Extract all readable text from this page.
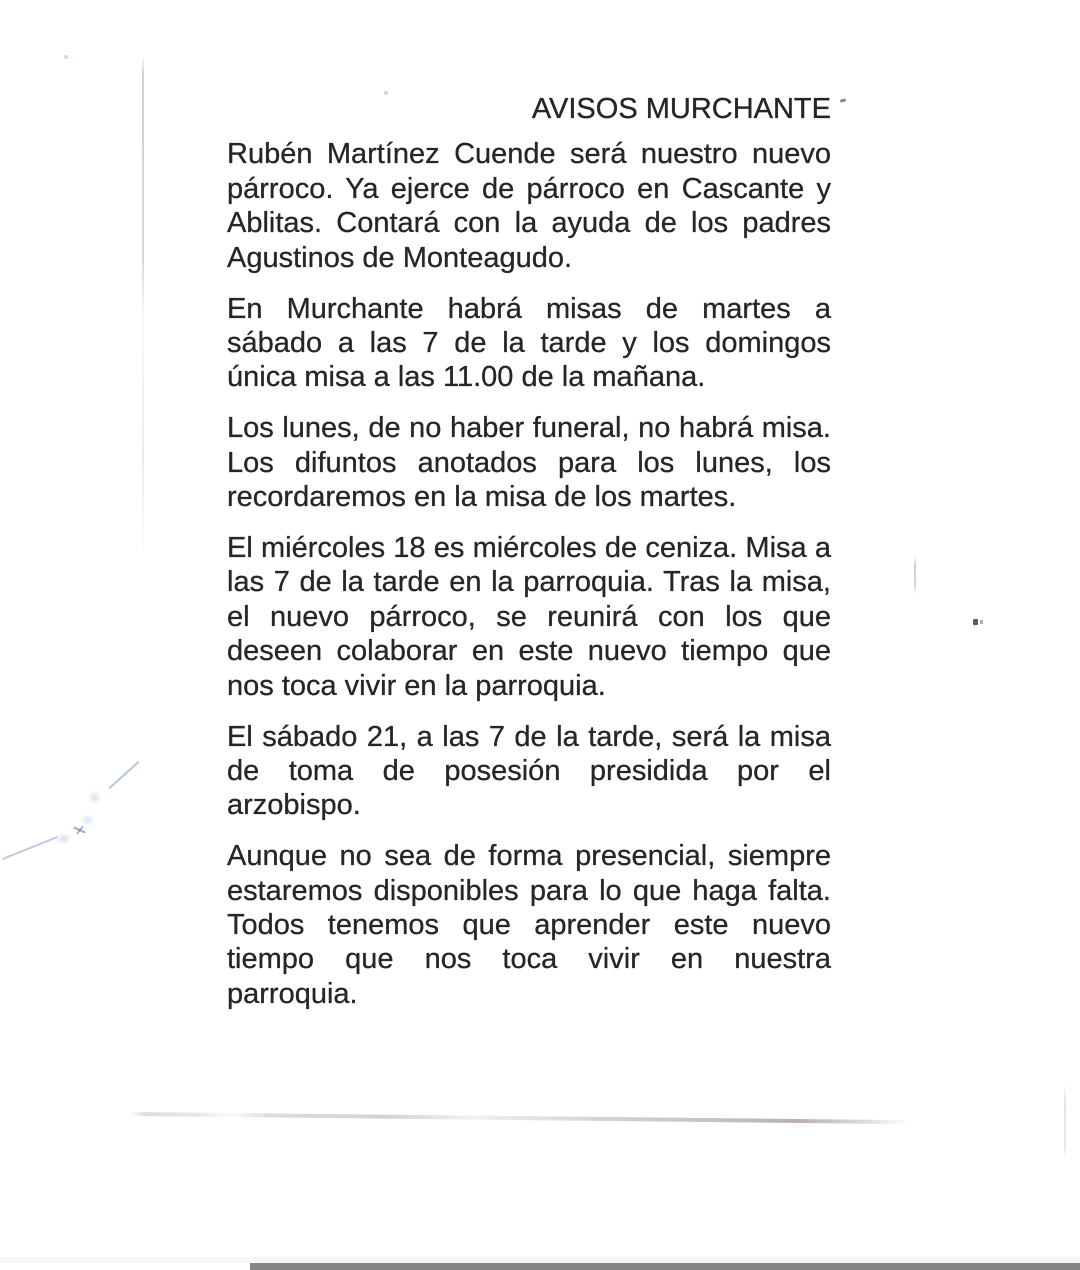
AVISOS MURCHANTE
Rubén Martínez Cuende será nuestro nuevo
párroco. Ya ejerce de párroco en Cascante y
Ablitas. Contará con la ayuda de los padres
Agustinos de Monteagudo.
En Murchante habrá misas de martes a
sábado a las 7 de la tarde y los domingos
única misa a las 11.00 de la mañana.
Los lunes, de no haber funeral, no habrá misa.
Los difuntos anotados para los lunes, los
recordaremos en la misa de los martes.
El miércoles 18 es miércoles de ceniza. Misa a
las 7 de la tarde en la parroquia. Tras la misa,
el nuevo párroco, se reunirá con los que
deseen colaborar en este nuevo tiempo que
nos toca vivir en la parroquia.
El sábado 21, a las 7 de la tarde, será la misa
de toma de posesión presidida por el
arzobispo.
Aunque no sea de forma presencial, siempre
estaremos disponibles para lo que haga falta.
Todos tenemos que aprender este nuevo
tiempo que nos toca vivir en nuestra
parroquia.
